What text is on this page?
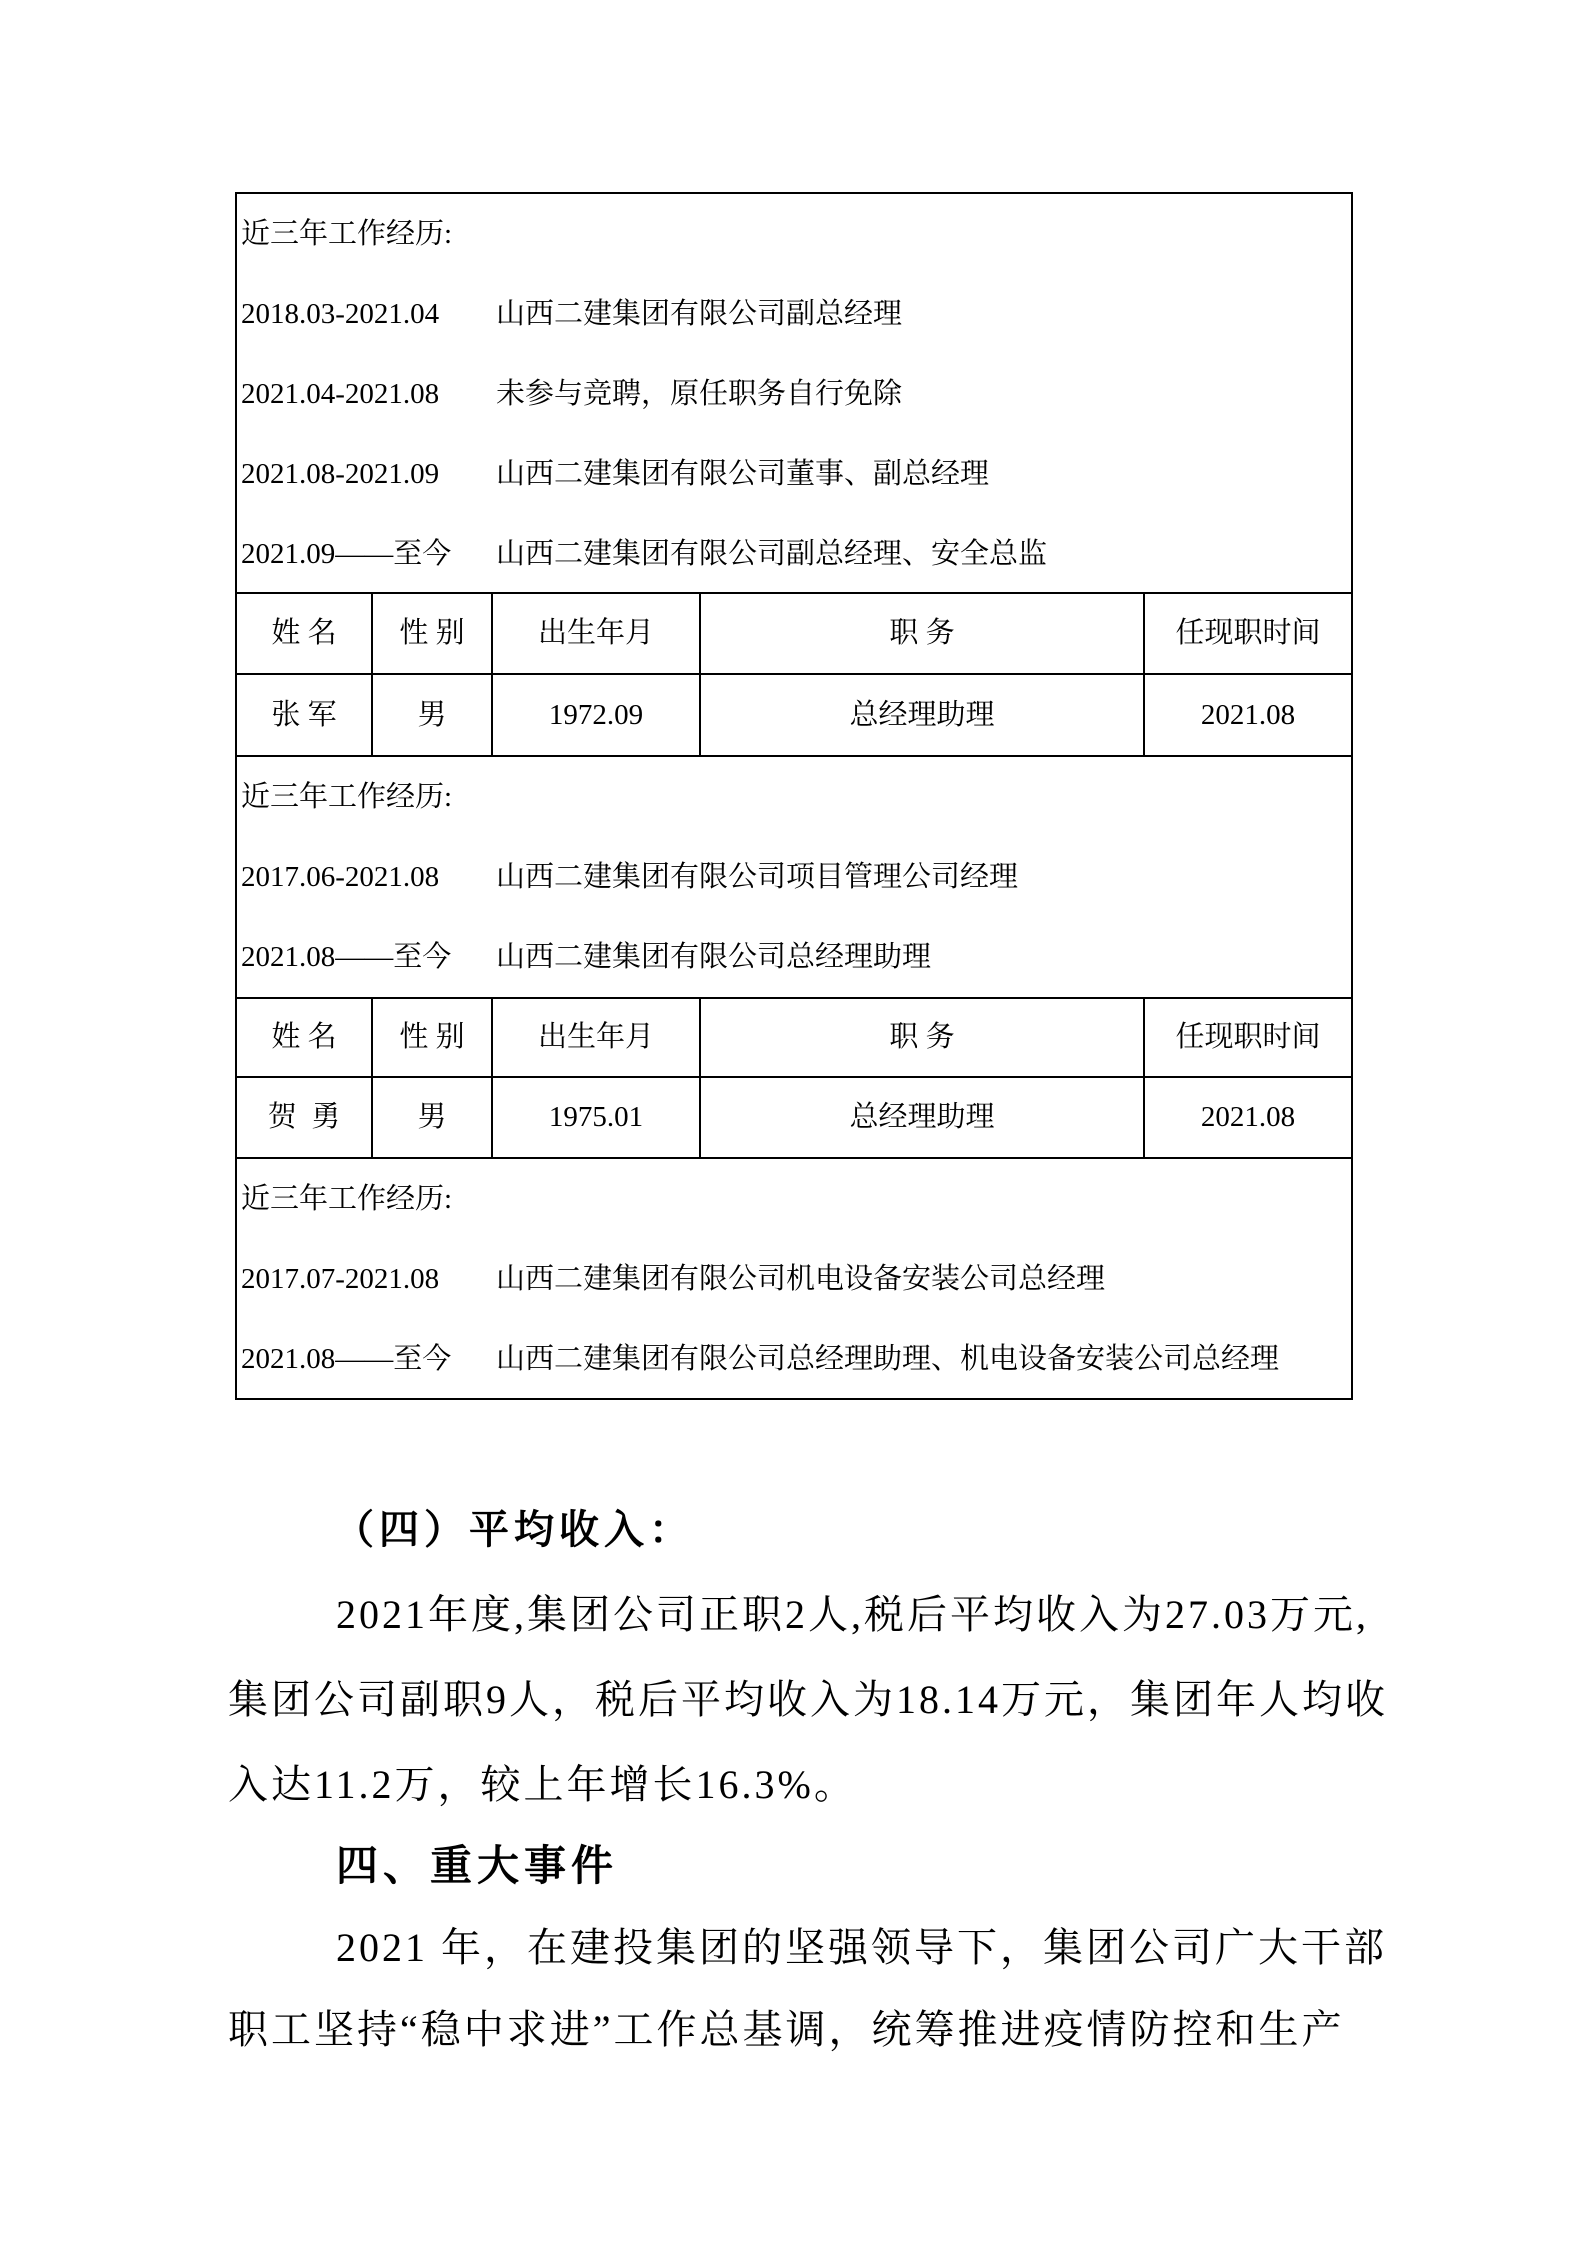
近三年工作经历:
2018.03-2021.04	山西二建集团有限公司副总经理
2021.04-2021.08	未参与竞聘，原任职务自行免除
2021.08-2021.09	山西二建集团有限公司董事、副总经理
2021.09——至今	山西二建集团有限公司副总经理、安全总监
姓 名	性 别	出生年月	职 务	任现职时间
张 军	男	1972.09	总经理助理	2021.08
近三年工作经历:
2017.06-2021.08	山西二建集团有限公司项目管理公司经理
2021.08——至今	山西二建集团有限公司总经理助理
姓 名	性 别	出生年月	职 务	任现职时间
贺  勇	男	1975.01	总经理助理	2021.08
近三年工作经历:
2017.07-2021.08	山西二建集团有限公司机电设备安装公司总经理
2021.08——至今	山西二建集团有限公司总经理助理、机电设备安装公司总经理
（四）平均收入：
2021年度,集团公司正职2人,税后平均收入为27.03万元,
集团公司副职9人，税后平均收入为18.14万元，集团年人均收
入达11.2万，较上年增长16.3%。
四、重大事件
2021 年，在建投集团的坚强领导下，集团公司广大干部
职工坚持“稳中求进”工作总基调，统筹推进疫情防控和生产
